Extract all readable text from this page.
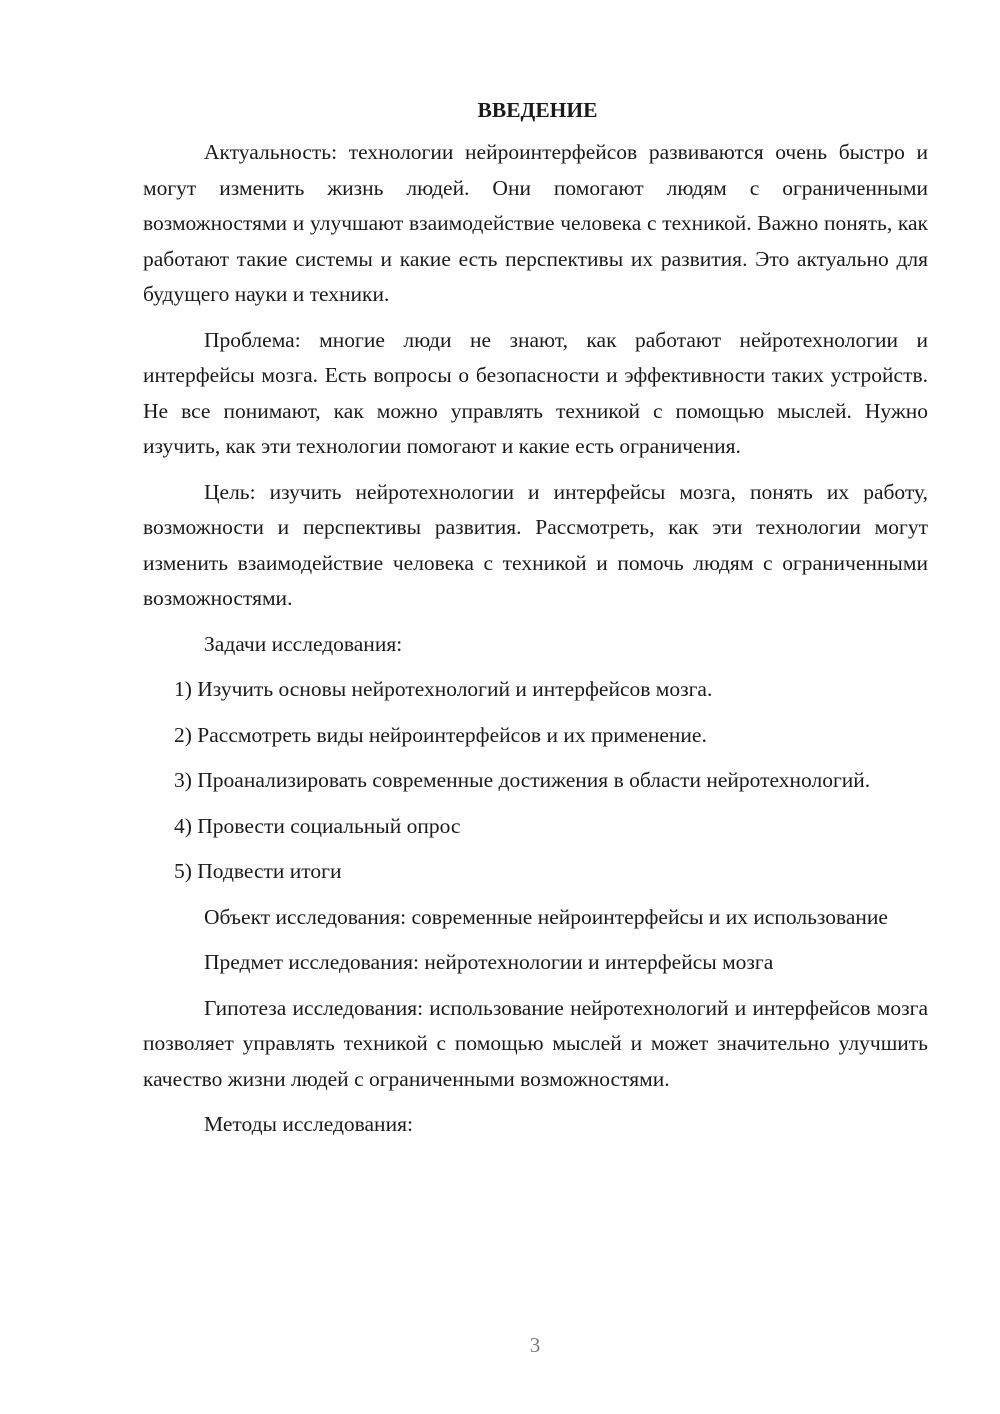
ВВЕДЕНИЕ

Актуальность: технологии нейроинтерфейсов развиваются очень быстро и могут изменить жизнь людей. Они помогают людям с ограниченными возможностями и улучшают взаимодействие человека с техникой. Важно понять, как работают такие системы и какие есть перспективы их развития. Это актуально для будущего науки и техники.

Проблема: многие люди не знают, как работают нейротехнологии и интерфейсы мозга. Есть вопросы о безопасности и эффективности таких устройств. Не все понимают, как можно управлять техникой с помощью мыслей. Нужно изучить, как эти технологии помогают и какие есть ограничения.

Цель: изучить нейротехнологии и интерфейсы мозга, понять их работу, возможности и перспективы развития. Рассмотреть, как эти технологии могут изменить взаимодействие человека с техникой и помочь людям с ограниченными возможностями.

Задачи исследования:

1) Изучить основы нейротехнологий и интерфейсов мозга.

2) Рассмотреть виды нейроинтерфейсов и их применение.

3) Проанализировать современные достижения в области нейротехнологий.

4) Провести социальный опрос

5) Подвести итоги

Объект исследования: современные нейроинтерфейсы и их использование

Предмет исследования: нейротехнологии и интерфейсы мозга

Гипотеза исследования: использование нейротехнологий и интерфейсов мозга позволяет управлять техникой с помощью мыслей и может значительно улучшить качество жизни людей с ограниченными возможностями.

Методы исследования:

3
